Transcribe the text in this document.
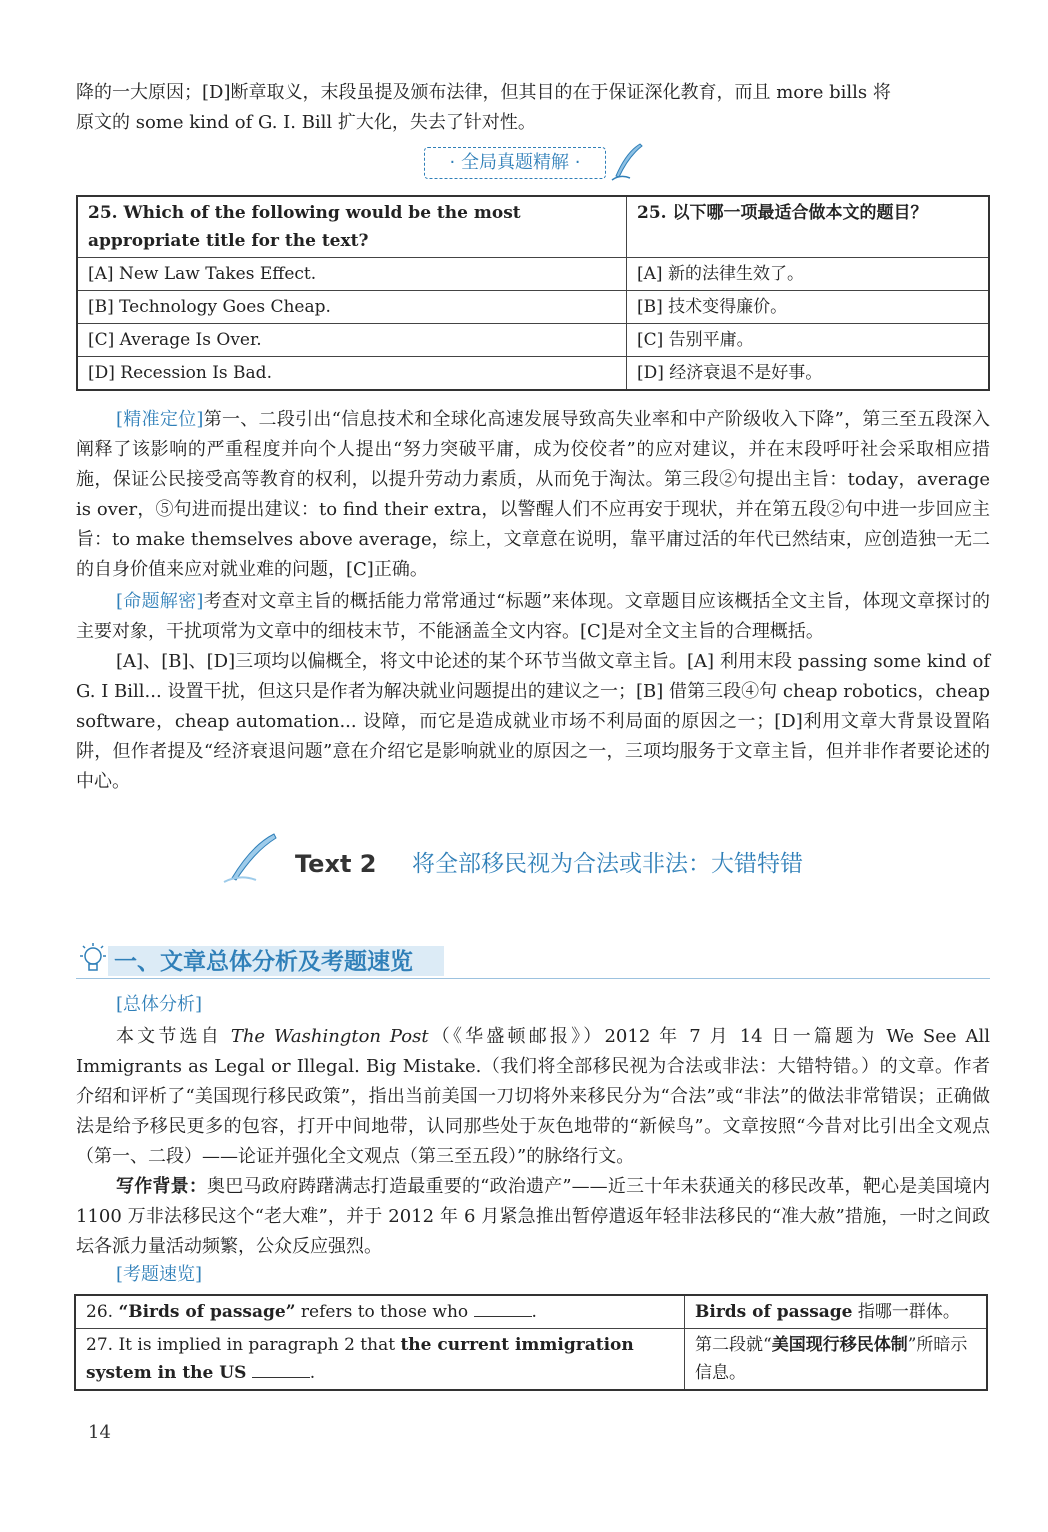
降的一大原因；[D]断章取义，末段虽提及颁布法律，但其目的在于保证深化教育，而且 more bills 将

原文的 some kind of G. I. Bill 扩大化，失去了针对性。

· 全局真题精解 ·
25. Which of the following would be the most appropriate title for the text?	25. 以下哪一项最适合做本文的题目？
[A] New Law Takes Effect.	[A] 新的法律生效了。
[B] Technology Goes Cheap.	[B] 技术变得廉价。
[C] Average Is Over.	[C] 告别平庸。
[D] Recession Is Bad.	[D] 经济衰退不是好事。

[精准定位]第一、二段引出“信息技术和全球化高速发展导致高失业率和中产阶级收入下降”，第三至五段深入阐释了该影响的严重程度并向个人提出“努力突破平庸，成为佼佼者”的应对建议，并在末段呼吁社会采取相应措施，保证公民接受高等教育的权利，以提升劳动力素质，从而免于淘汰。第三段②句提出主旨：today，average is over，⑤句进而提出建议：to find their extra，以警醒人们不应再安于现状，并在第五段②句中进一步回应主旨：to make themselves above average，综上，文章意在说明，靠平庸过活的年代已然结束，应创造独一无二的自身价值来应对就业难的问题，[C]正确。

[命题解密]考查对文章主旨的概括能力常常通过“标题”来体现。文章题目应该概括全文主旨，体现文章探讨的主要对象，干扰项常为文章中的细枝末节，不能涵盖全文内容。[C]是对全文主旨的合理概括。

[A]、[B]、[D]三项均以偏概全，将文中论述的某个环节当做文章主旨。[A] 利用末段 passing some kind of G. I Bill... 设置干扰，但这只是作者为解决就业问题提出的建议之一；[B] 借第三段④句 cheap robotics，cheap software，cheap automation... 设障，而它是造成就业市场不利局面的原因之一；[D]利用文章大背景设置陷阱，但作者提及“经济衰退问题”意在介绍它是影响就业的原因之一，三项均服务于文章主旨，但并非作者要论述的中心。

Text 2 将全部移民视为合法或非法：大错特错
一、文章总体分析及考题速览

[总体分析]

本文节选自 The Washington Post（《华盛顿邮报》）2012 年 7 月 14 日一篇题为 We See All Immigrants as Legal or Illegal. Big Mistake.（我们将全部移民视为合法或非法：大错特错。）的文章。作者介绍和评析了“美国现行移民政策”，指出当前美国一刀切将外来移民分为“合法”或“非法”的做法非常错误；正确做法是给予移民更多的包容，打开中间地带，认同那些处于灰色地带的“新候鸟”。文章按照“今昔对比引出全文观点（第一、二段）——论证并强化全文观点（第三至五段）”的脉络行文。

写作背景：奥巴马政府踌躇满志打造最重要的“政治遗产”——近三十年未获通关的移民改革，靶心是美国境内 1100 万非法移民这个“老大难”，并于 2012 年 6 月紧急推出暂停遣返年轻非法移民的“准大赦”措施，一时之间政坛各派力量活动频繁，公众反应强烈。

[考题速览]

26. “Birds of passage” refers to those who .	Birds of passage 指哪一群体。
27. It is implied in paragraph 2 that the current immigration system in the US .	第二段就“美国现行移民体制”所暗示信息。
14
